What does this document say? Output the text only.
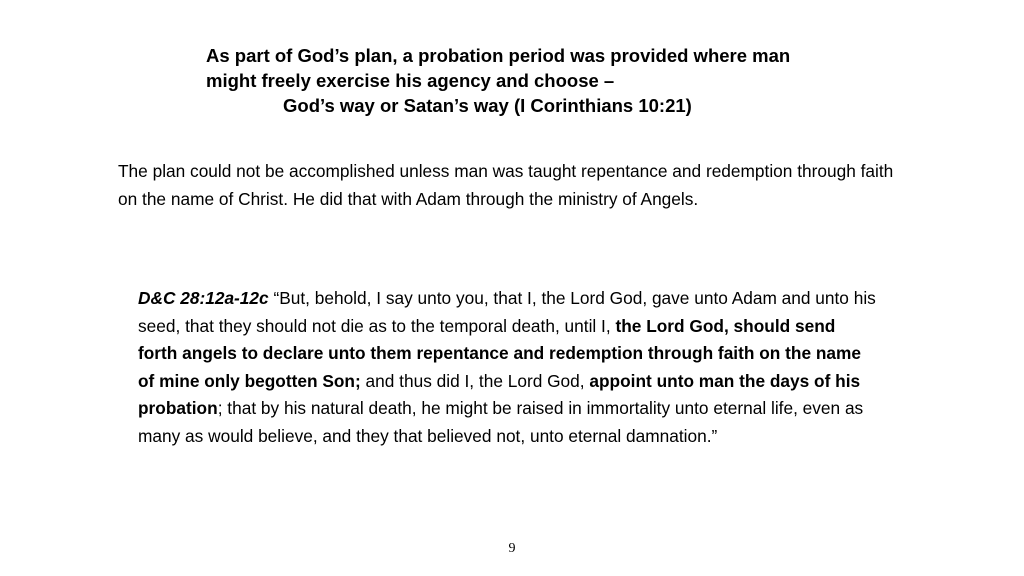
As part of God’s plan, a probation period was provided where man
might freely exercise his agency and choose –
God’s way or Satan’s way (I Corinthians 10:21)

The plan could not be accomplished unless man was taught repentance and redemption through faith on the name of Christ. He did that with Adam through the ministry of Angels.

D&C 28:12a-12c “But, behold, I say unto you, that I, the Lord God, gave unto Adam and unto his seed, that they should not die as to the temporal death, until I, the Lord God, should send forth angels to declare unto them repentance and redemption through faith on the name of mine only begotten Son; and thus did I, the Lord God, appoint unto man the days of his probation; that by his natural death, he might be raised in immortality unto eternal life, even as many as would believe, and they that believed not, unto eternal damnation.”

9
